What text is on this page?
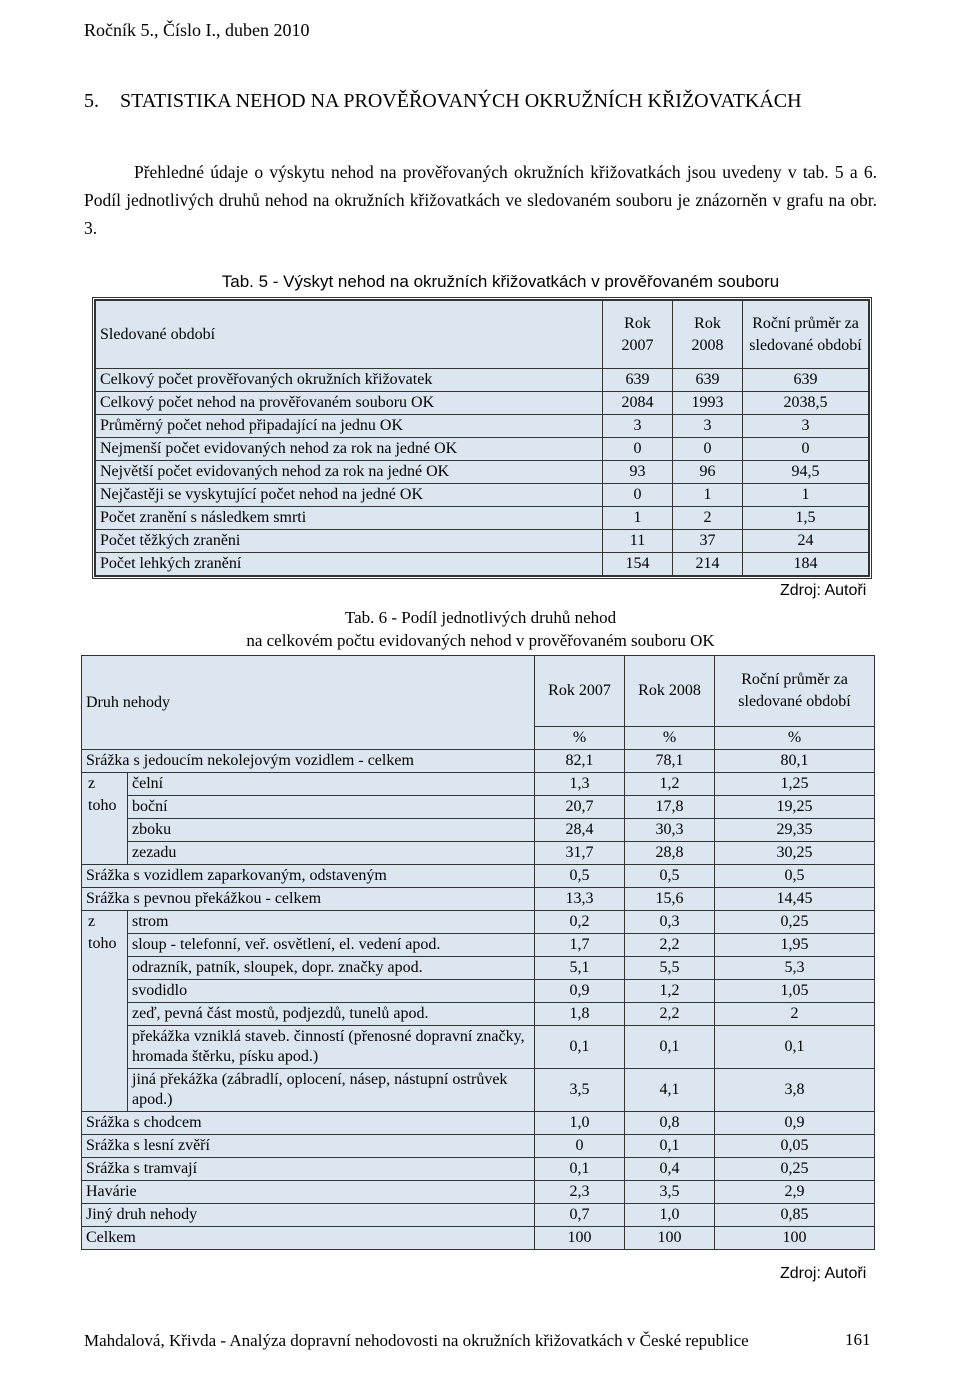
Ročník 5., Číslo I., duben 2010
5. STATISTIKA NEHOD NA PROVĚŘOVANÝCH OKRUŽNÍCH KŘIŽOVATKÁCH

Přehledné údaje o výskytu nehod na prověřovaných okružních křižovatkách jsou uvedeny v tab. 5 a 6. Podíl jednotlivých druhů nehod na okružních křižovatkách ve sledovaném souboru je znázorněn v grafu na obr. 3.

Tab. 5 - Výskyt nehod na okružních křižovatkách v prověřovaném souboru
Sledované období	Rok 2007	Rok 2008	Roční průměr za sledované období
Celkový počet prověřovaných okružních křižovatek	639	639	639
Celkový počet nehod na prověřovaném souboru OK	2084	1993	2038,5
Průměrný počet nehod připadající na jednu OK	3	3	3
Nejmenší počet evidovaných nehod za rok na jedné OK	0	0	0
Největší počet evidovaných nehod za rok na jedné OK	93	96	94,5
Nejčastěji se vyskytující počet nehod na jedné OK	0	1	1
Počet zranění s následkem smrti	1	2	1,5
Počet těžkých zraněni	11	37	24
Počet lehkých zranění	154	214	184
Zdroj: Autoři
Tab. 6 - Podíl jednotlivých druhů nehod
na celkovém počtu evidovaných nehod v prověřovaném souboru OK
Druh nehody		Rok 2007	Rok 2008	Roční průměr za sledované období
		%	%	%
Srážka s jedoucím nekolejovým vozidlem - celkem		82,1	78,1	80,1
z toho	čelní	1,3	1,2	1,25
	boční	20,7	17,8	19,25
	zboku	28,4	30,3	29,35
	zezadu	31,7	28,8	30,25
Srážka s vozidlem zaparkovaným, odstaveným		0,5	0,5	0,5
Srážka s pevnou překážkou - celkem		13,3	15,6	14,45
z toho	strom	0,2	0,3	0,25
	sloup - telefonní, veř. osvětlení, el. vedení apod.	1,7	2,2	1,95
	odrazník, patník, sloupek, dopr. značky apod.	5,1	5,5	5,3
	svodidlo	0,9	1,2	1,05
	zeď, pevná část mostů, podjezdů, tunelů apod.	1,8	2,2	2
	překážka vzniklá staveb. činností (přenosné dopravní značky, hromada štěrku, písku apod.)	0,1	0,1	0,1
	jiná překážka (zábradlí, oplocení, násep, nástupní ostrůvek apod.)	3,5	4,1	3,8
Srážka s chodcem		1,0	0,8	0,9
Srážka s lesní zvěří		0	0,1	0,05
Srážka s tramvají		0,1	0,4	0,25
Havárie		2,3	3,5	2,9
Jiný druh nehody		0,7	1,0	0,85
Celkem		100	100	100
Zdroj: Autoři
Mahdalová, Křivda - Analýza dopravní nehodovosti na okružních křižovatkách v České republice	161
